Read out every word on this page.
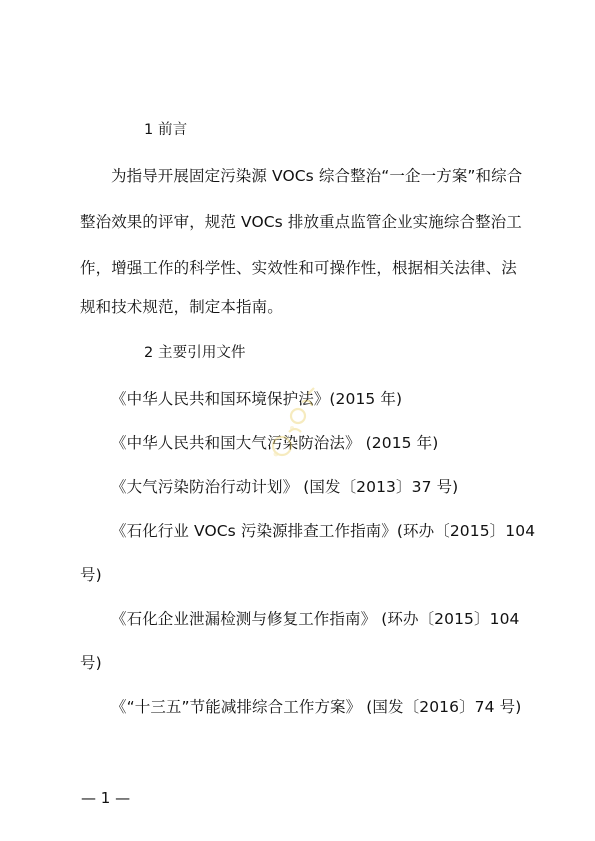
1 前言
为指导开展固定污染源 VOCs 综合整治“一企一方案”和综合
整治效果的评审，规范 VOCs 排放重点监管企业实施综合整治工
作，增强工作的科学性、实效性和可操作性，根据相关法律、法
规和技术规范，制定本指南。
2 主要引用文件
《中华人民共和国环境保护法》(2015 年)
《中华人民共和国大气污染防治法》 (2015 年)
《大气污染防治行动计划》 (国发〔2013〕37 号)
《石化行业 VOCs 污染源排查工作指南》(环办〔2015〕104
号)
《石化企业泄漏检测与修复工作指南》 (环办〔2015〕104
号)
《“十三五”节能减排综合工作方案》 (国发〔2016〕74 号)
— 1 —
